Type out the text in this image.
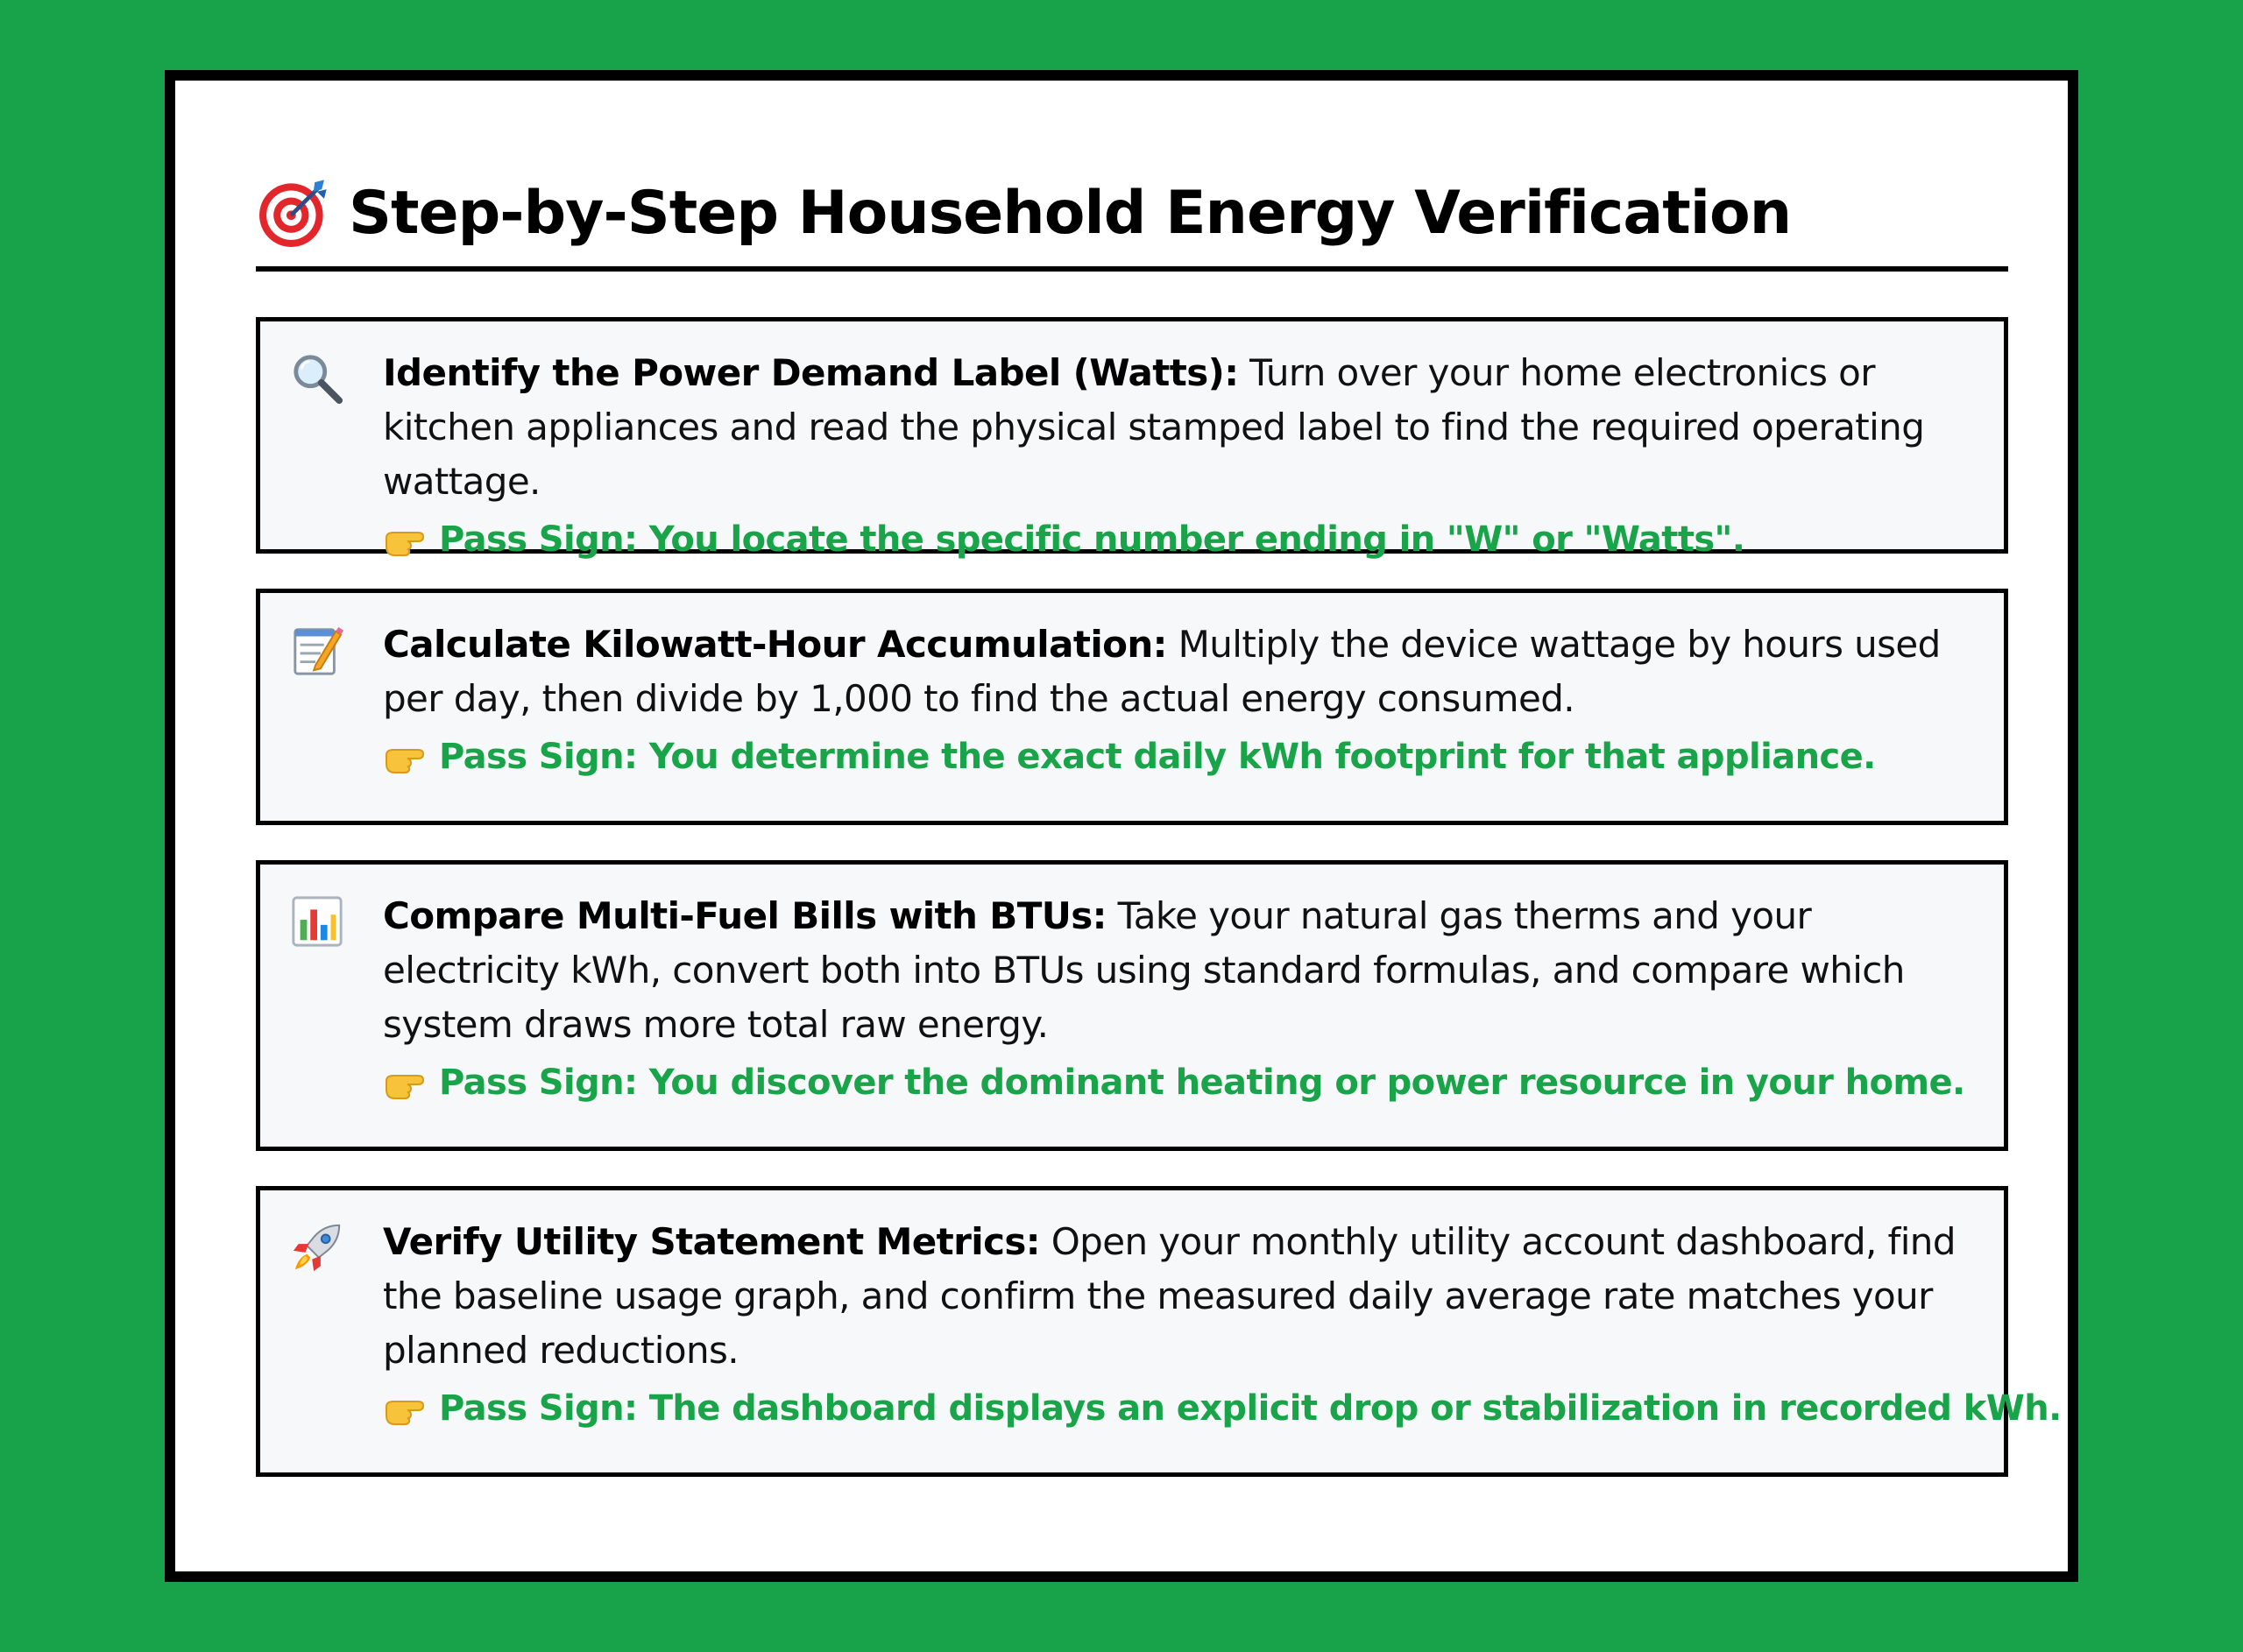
Step-by-Step Household Energy Verification
Identify the Power Demand Label (Watts): Turn over your home electronics or kitchen appliances and read the physical stamped label to find the required operating wattage.
Pass Sign: You locate the specific number ending in "W" or "Watts".
Calculate Kilowatt-Hour Accumulation: Multiply the device wattage by hours used per day, then divide by 1,000 to find the actual energy consumed.
Pass Sign: You determine the exact daily kWh footprint for that appliance.
Compare Multi-Fuel Bills with BTUs: Take your natural gas therms and your electricity kWh, convert both into BTUs using standard formulas, and compare which system draws more total raw energy.
Pass Sign: You discover the dominant heating or power resource in your home.
Verify Utility Statement Metrics: Open your monthly utility account dashboard, find the baseline usage graph, and confirm the measured daily average rate matches your planned reductions.
Pass Sign: The dashboard displays an explicit drop or stabilization in recorded kWh.
